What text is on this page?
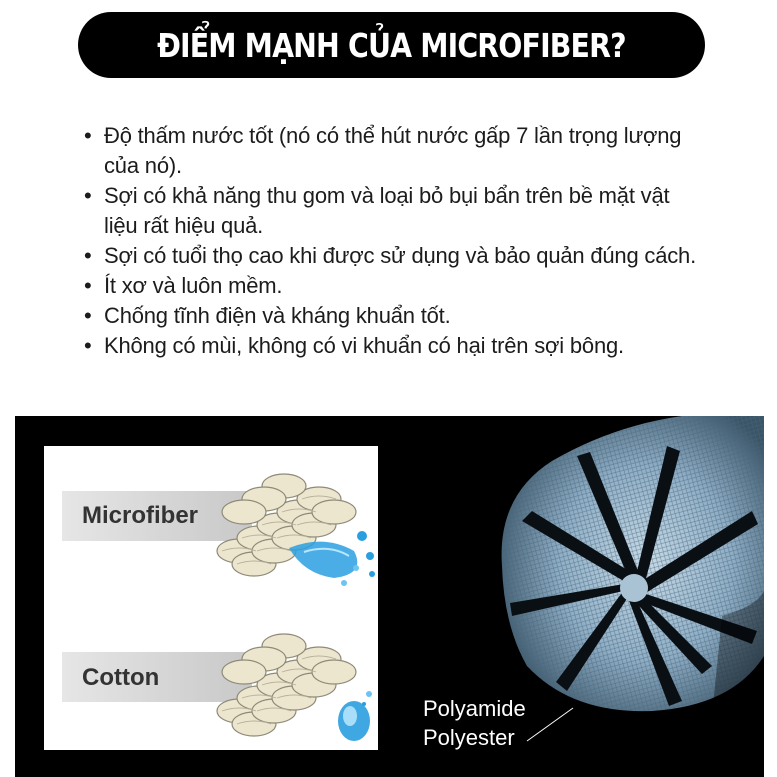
ĐIỂM MẠNH CỦA MICROFIBER?
• Độ thấm nước tốt (nó có thể hút nước gấp 7 lần trọng lượng của nó).
• Sợi có khả năng thu gom và loại bỏ bụi bẩn trên bề mặt vật liệu rất hiệu quả.
• Sợi có tuổi thọ cao khi được sử dụng và bảo quản đúng cách.
• Ít xơ và luôn mềm.
• Chống tĩnh điện và kháng khuẩn tốt.
• Không có mùi, không có vi khuẩn có hại trên sợi bông.
Microfiber
Cotton
Polyamide
Polyester
